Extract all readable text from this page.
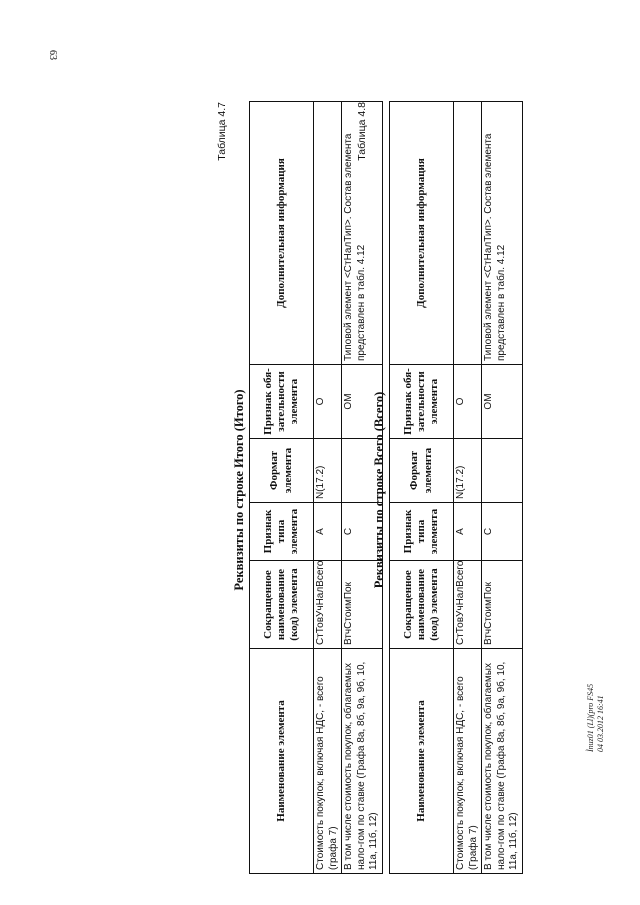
63
Таблица 4.7
Реквизиты по строке Итого (Итого)
Наименование элемента	Сокращенное наименование (код) элемента	Признак типа элемента	Формат элемента	Признак обя-зательности элемента	Дополнительная информация
Стоимость покупок, включая НДС, - всего (графа 7)	СтТовУчНалВсего	А	N(17.2)	О	
В том числе стоимость покупок, облагаемых нало-гом по ставке (Графа 8а, 8б, 9а, 9б, 10, 11а, 11б, 12)	ВтчСтоимПок	С		ОМ	Типовой элемент <СтНалТип>. Состав элемента представлен в табл. 4.12
Таблица 4.8
Реквизиты по строке Всего (Всего)
Наименование элемента	Сокращенное наименование (код) элемента	Признак типа элемента	Формат элемента	Признак обя-зательности элемента	Дополнительная информация
Стоимость покупок, включая НДС, - всего (Графа 7)	СтТовУчНалВсего	А	N(17.2)	О	
В том числе стоимость покупок, облагаемых нало-гом по ставке (Графа 8а, 8б, 9а, 9б, 10, 11а, 11б, 12)	ВтчСтоимПок	С		ОМ	Типовой элемент <СтНалТип>. Состав элемента представлен в табл. 4.12
Ìnuz01 (Ll)(pro FS45 04 03.2012 16:41
